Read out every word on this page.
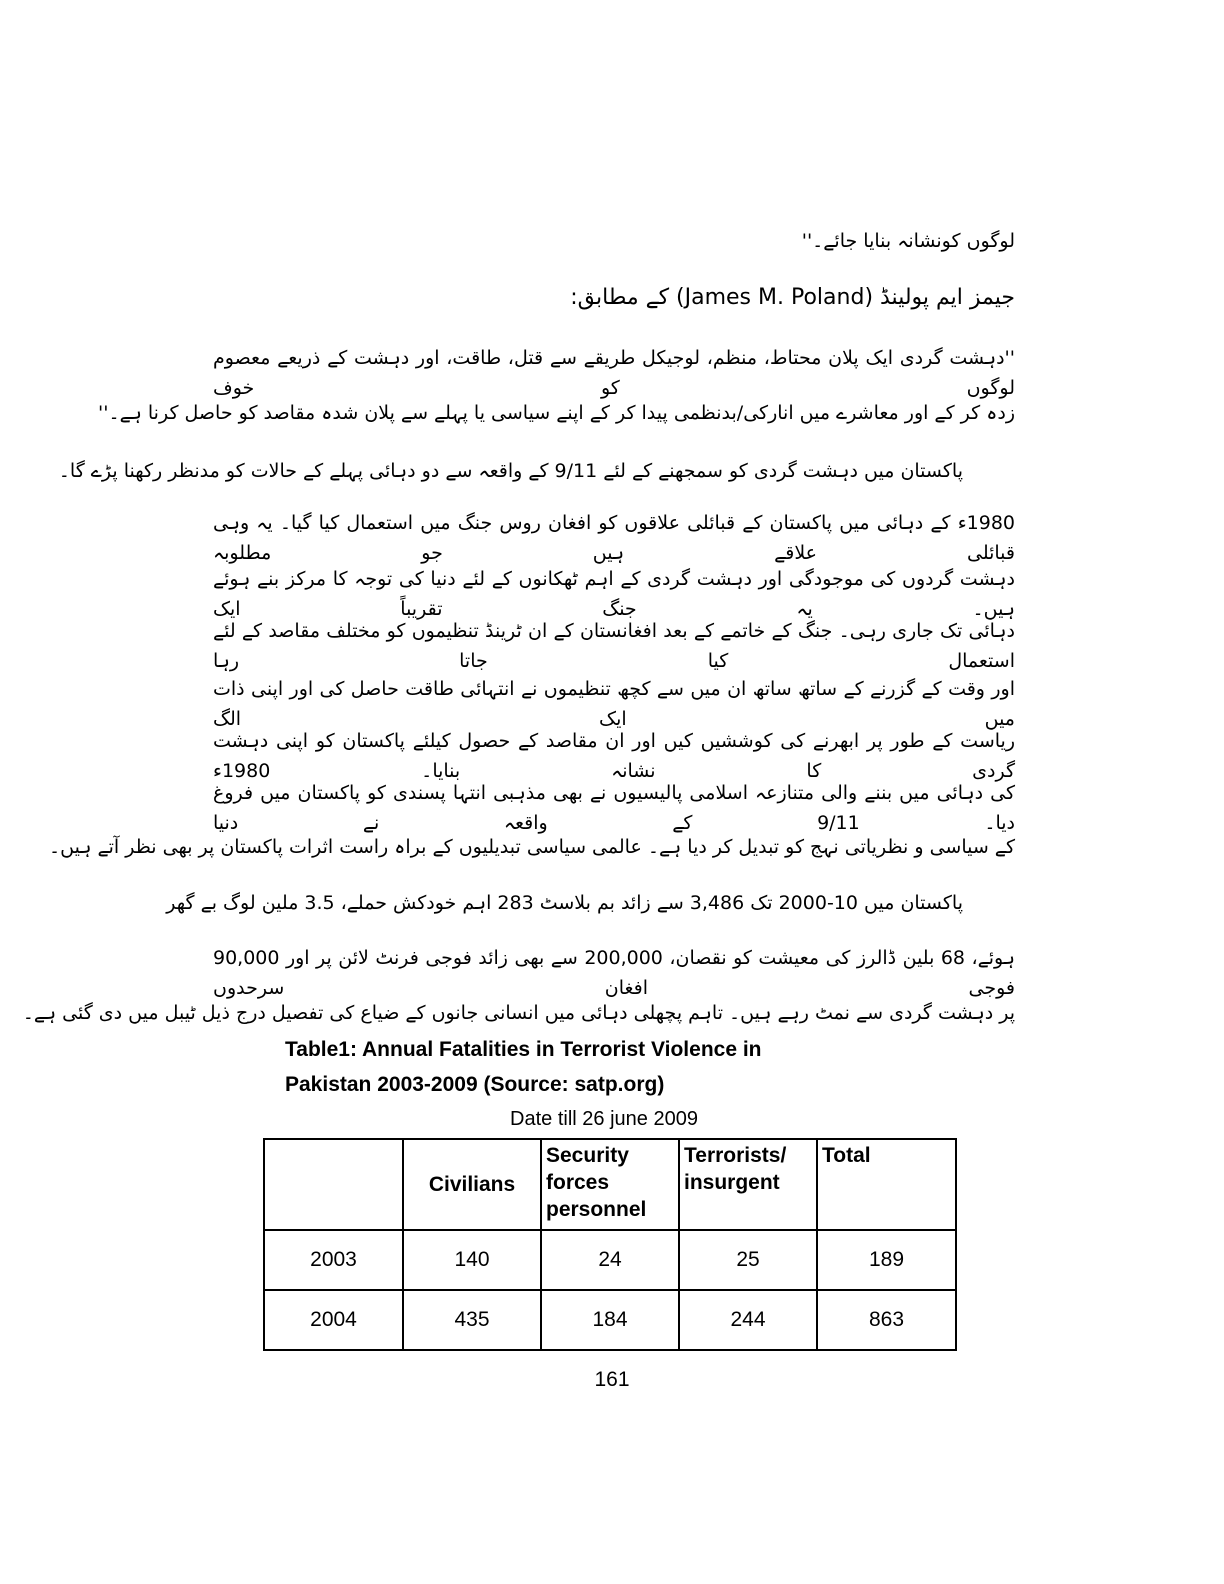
لوگوں کونشانہ بنایا جائے۔''
جیمز ایم پولینڈ (James M. Poland) کے مطابق:
''دہشت گردی ایک پلان محتاط، منظم، لوجیکل طریقے سے قتل، طاقت، اور دہشت کے ذریعے معصوم لوگوں کو خوف
زدہ کر کے اور معاشرے میں انارکی/بدنظمی پیدا کر کے اپنے سیاسی یا پہلے سے پلان شدہ مقاصد کو حاصل کرنا ہے۔''
پاکستان میں دہشت گردی کو سمجھنے کے لئے 9/11 کے واقعہ سے دو دہائی پہلے کے حالات کو مدنظر رکھنا پڑے گا۔
1980ء کے دہائی میں پاکستان کے قبائلی علاقوں کو افغان روس جنگ میں استعمال کیا گیا۔ یہ وہی قبائلی علاقے ہیں جو مطلوبہ
دہشت گردوں کی موجودگی اور دہشت گردی کے اہم ٹھکانوں کے لئے دنیا کی توجہ کا مرکز بنے ہوئے ہیں۔ یہ جنگ تقریباً ایک
دہائی تک جاری رہی۔ جنگ کے خاتمے کے بعد افغانستان کے ان ٹرینڈ تنظیموں کو مختلف مقاصد کے لئے استعمال کیا جاتا رہا
اور وقت کے گزرنے کے ساتھ ساتھ ان میں سے کچھ تنظیموں نے انتہائی طاقت حاصل کی اور اپنی ذات میں ایک الگ
ریاست کے طور پر ابھرنے کی کوششیں کیں اور ان مقاصد کے حصول کیلئے پاکستان کو اپنی دہشت گردی کا نشانہ بنایا۔ 1980ء
کی دہائی میں بننے والی متنازعہ اسلامی پالیسیوں نے بھی مذہبی انتہا پسندی کو پاکستان میں فروغ دیا۔ 9/11 کے واقعہ نے دنیا
کے سیاسی و نظریاتی نہج کو تبدیل کر دیا ہے۔ عالمی سیاسی تبدیلیوں کے براہ راست اثرات پاکستان پر بھی نظر آتے ہیں۔
پاکستان میں 10-2000 تک 3,486 سے زائد بم بلاسٹ 283 اہم خودکش حملے، 3.5 ملین لوگ بے گھر
ہوئے، 68 بلین ڈالرز کی معیشت کو نقصان، 200,000 سے بھی زائد فوجی فرنٹ لائن پر اور 90,000 فوجی افغان سرحدوں
پر دہشت گردی سے نمٹ رہے ہیں۔ تاہم پچھلی دہائی میں انسانی جانوں کے ضیاع کی تفصیل درج ذیل ٹیبل میں دی گئی ہے۔
Table1: Annual Fatalities in Terrorist Violence in
Pakistan 2003-2009 (Source: satp.org)
Date till 26 june 2009
	Civilians	Security forces personnel	Terrorists/ insurgent	Total
2003	140	24	25	189
2004	435	184	244	863
161
